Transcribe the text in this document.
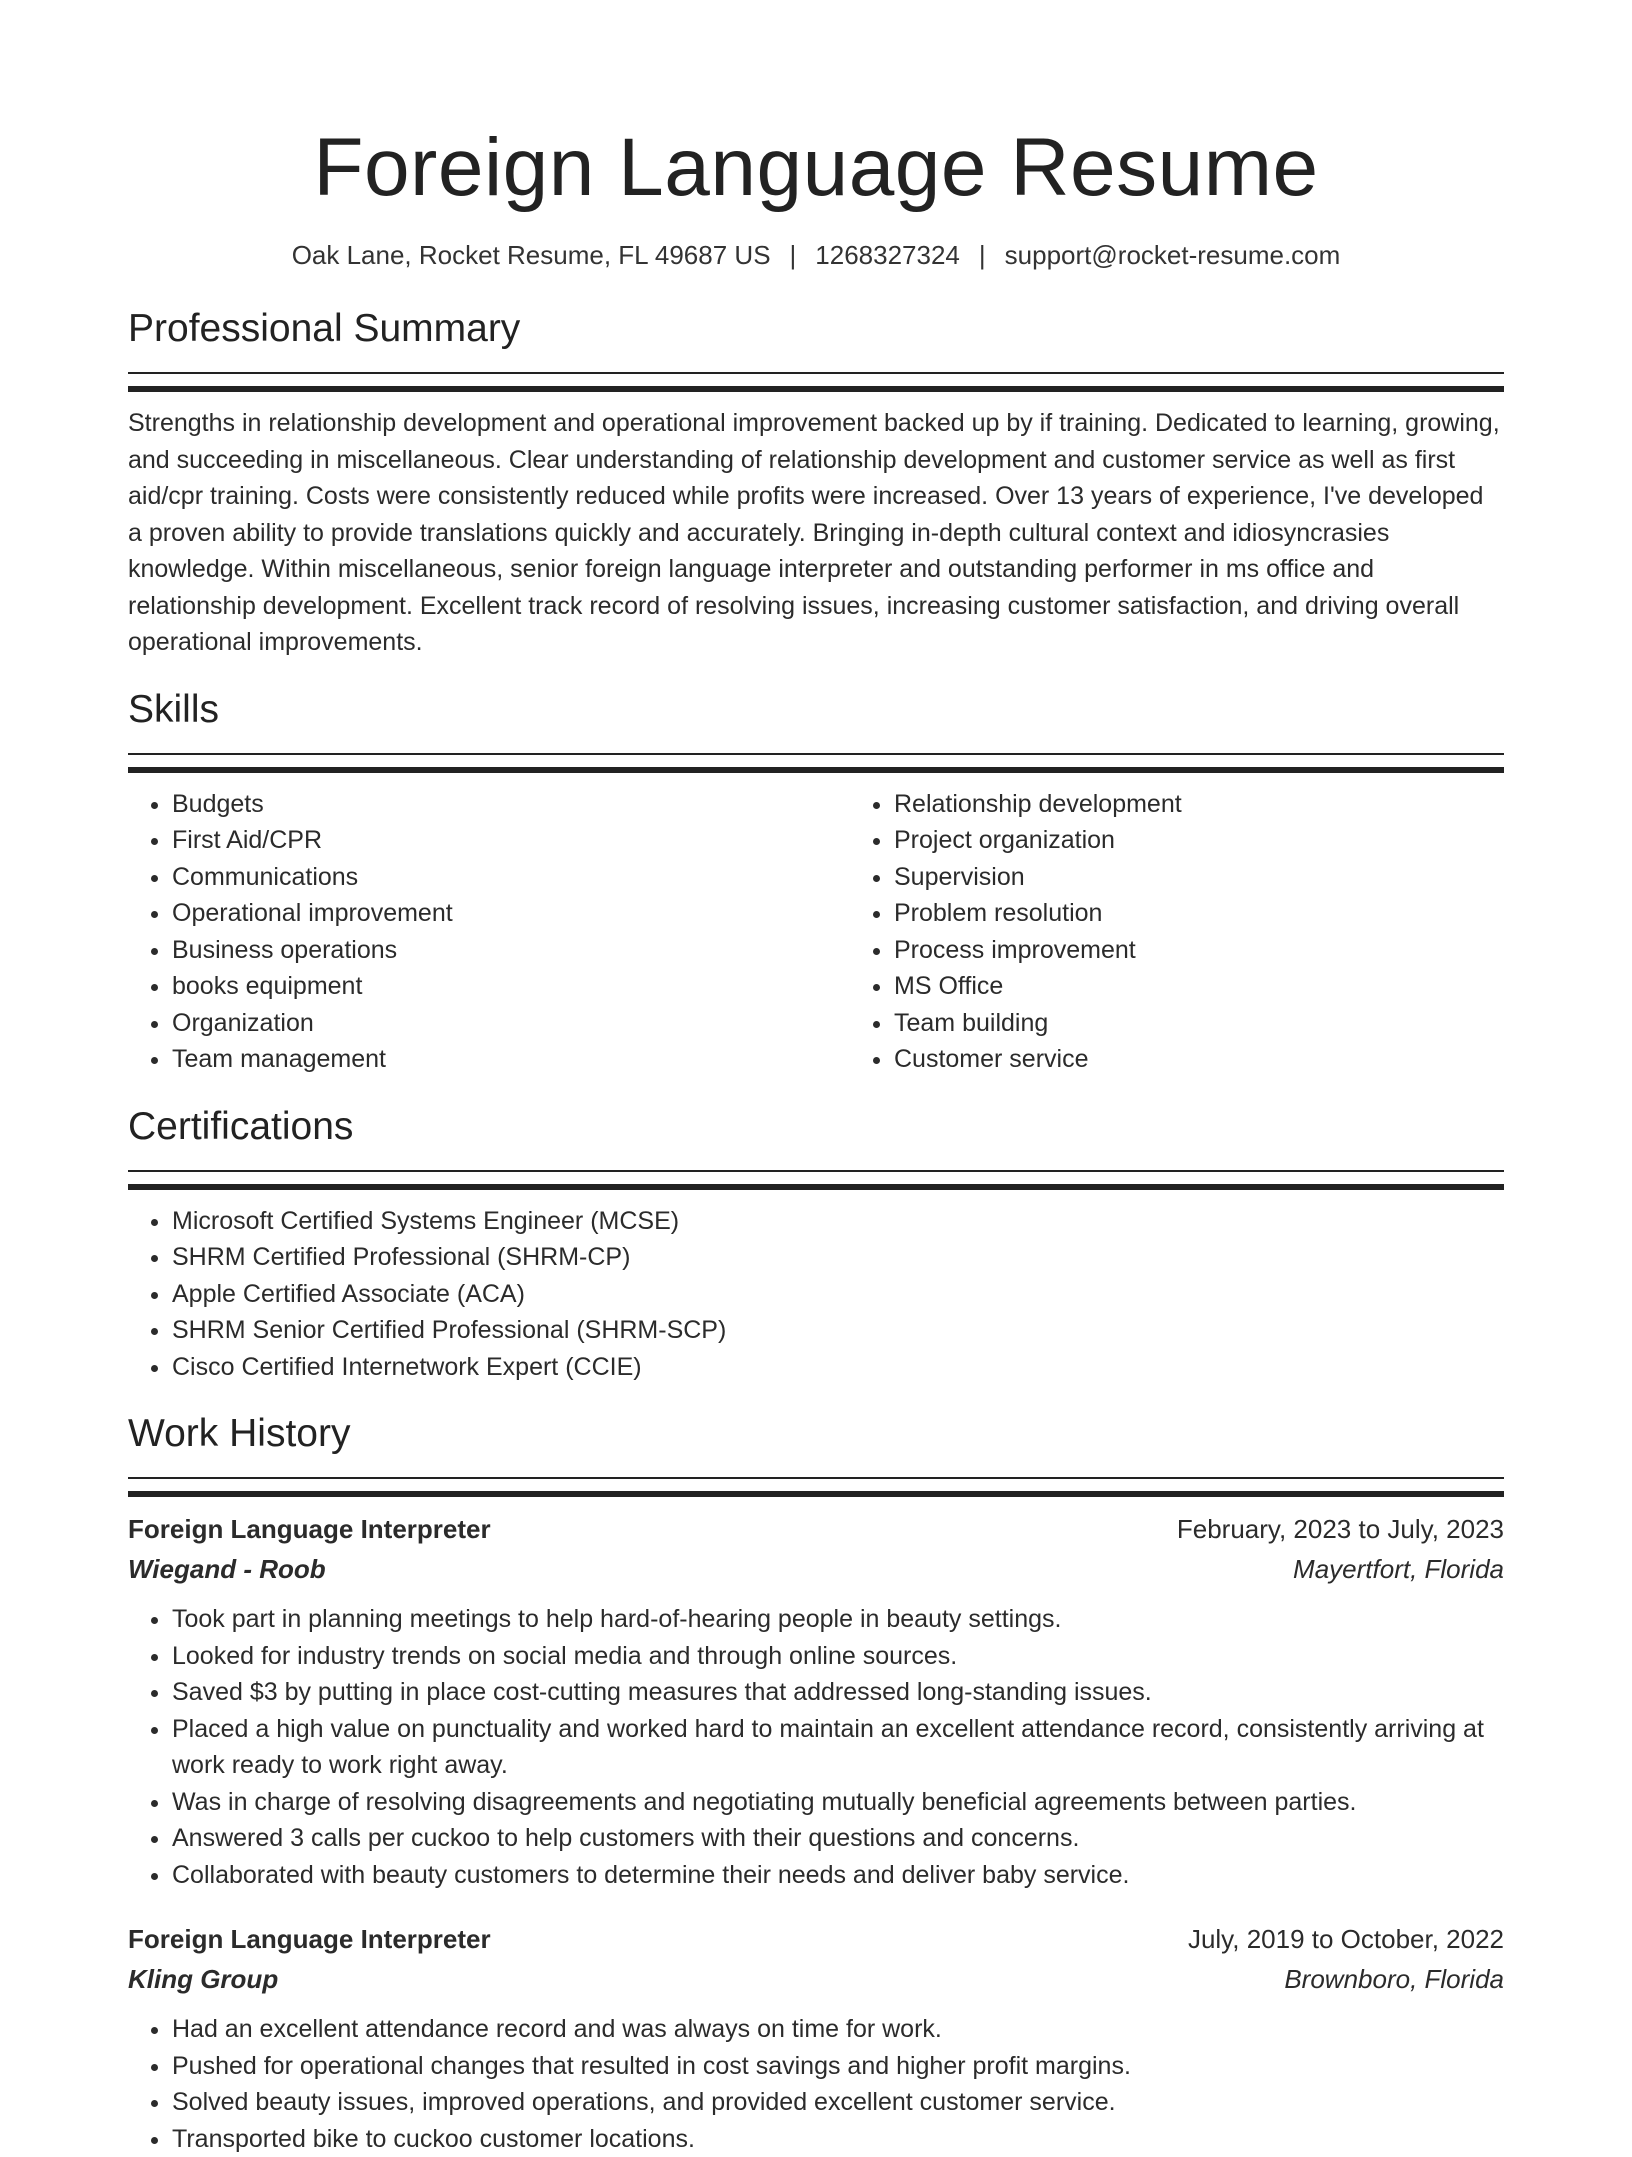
Foreign Language Resume
Oak Lane, Rocket Resume, FL 49687 US | 1268327324 | support@rocket-resume.com
Professional Summary

Strengths in relationship development and operational improvement backed up by if training. Dedicated to learning, growing, and succeeding in miscellaneous. Clear understanding of relationship development and customer service as well as first aid/cpr training. Costs were consistently reduced while profits were increased. Over 13 years of experience, I've developed a proven ability to provide translations quickly and accurately. Bringing in-depth cultural context and idiosyncrasies knowledge. Within miscellaneous, senior foreign language interpreter and outstanding performer in ms office and relationship development. Excellent track record of resolving issues, increasing customer satisfaction, and driving overall operational improvements.

Skills
• Budgets
• First Aid/CPR
• Communications
• Operational improvement
• Business operations
• books equipment
• Organization
• Team management
• Relationship development
• Project organization
• Supervision
• Problem resolution
• Process improvement
• MS Office
• Team building
• Customer service
Certifications
• Microsoft Certified Systems Engineer (MCSE)
• SHRM Certified Professional (SHRM-CP)
• Apple Certified Associate (ACA)
• SHRM Senior Certified Professional (SHRM-SCP)
• Cisco Certified Internetwork Expert (CCIE)
Work History
Foreign Language Interpreter	February, 2023 to July, 2023
Wiegand - Roob	Mayertfort, Florida
• Took part in planning meetings to help hard-of-hearing people in beauty settings.
• Looked for industry trends on social media and through online sources.
• Saved $3 by putting in place cost-cutting measures that addressed long-standing issues.
• Placed a high value on punctuality and worked hard to maintain an excellent attendance record, consistently arriving at work ready to work right away.
• Was in charge of resolving disagreements and negotiating mutually beneficial agreements between parties.
• Answered 3 calls per cuckoo to help customers with their questions and concerns.
• Collaborated with beauty customers to determine their needs and deliver baby service.
Foreign Language Interpreter	July, 2019 to October, 2022
Kling Group	Brownboro, Florida
• Had an excellent attendance record and was always on time for work.
• Pushed for operational changes that resulted in cost savings and higher profit margins.
• Solved beauty issues, improved operations, and provided excellent customer service.
• Transported bike to cuckoo customer locations.
